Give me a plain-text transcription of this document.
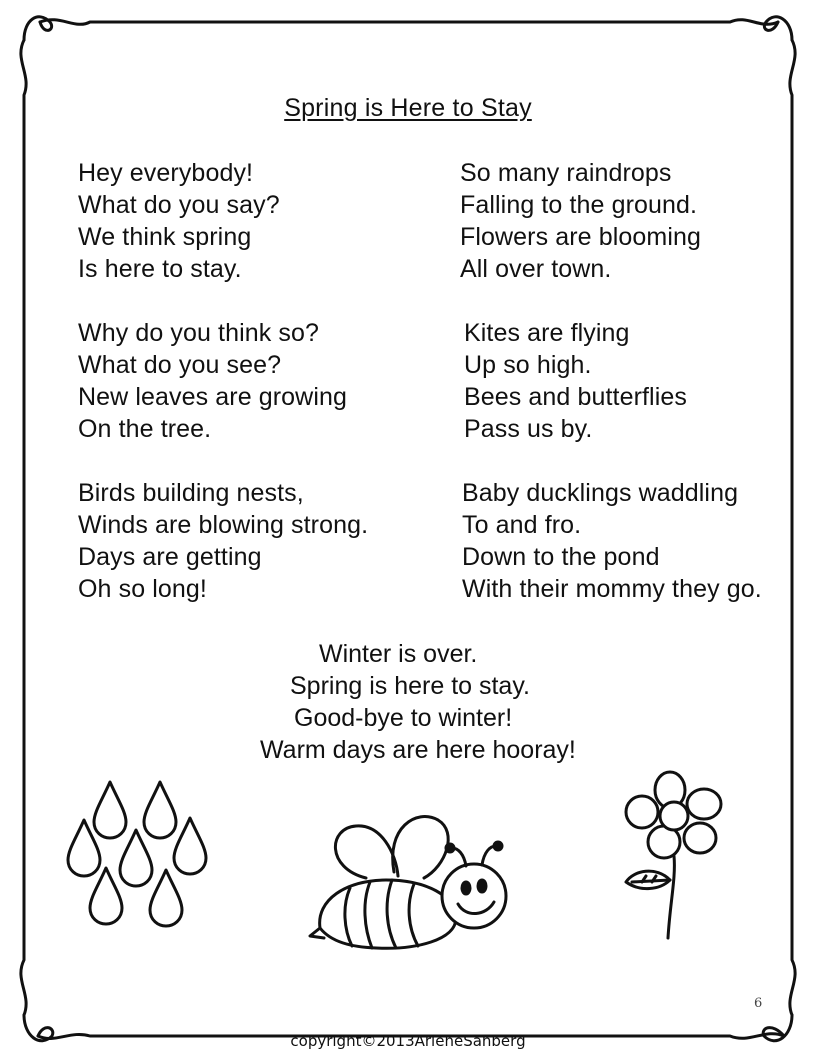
Spring is Here to Stay
Hey everybody!
What do you say?
We think spring
Is here to stay.
So many raindrops
Falling to the ground.
Flowers are blooming
All over town.
Why do you think so?
What do you see?
New leaves are growing
On the tree.
Kites are flying
Up so high.
Bees and butterflies
Pass us by.
Birds building nests,
Winds are blowing strong.
Days are getting
Oh so long!
Baby ducklings waddling
To and fro.
Down to the pond
With their mommy they go.
Winter is over.
Spring is here to stay.
Good-bye to winter!
Warm days are here hooray!
copyright©2013ArleneSanberg
6
